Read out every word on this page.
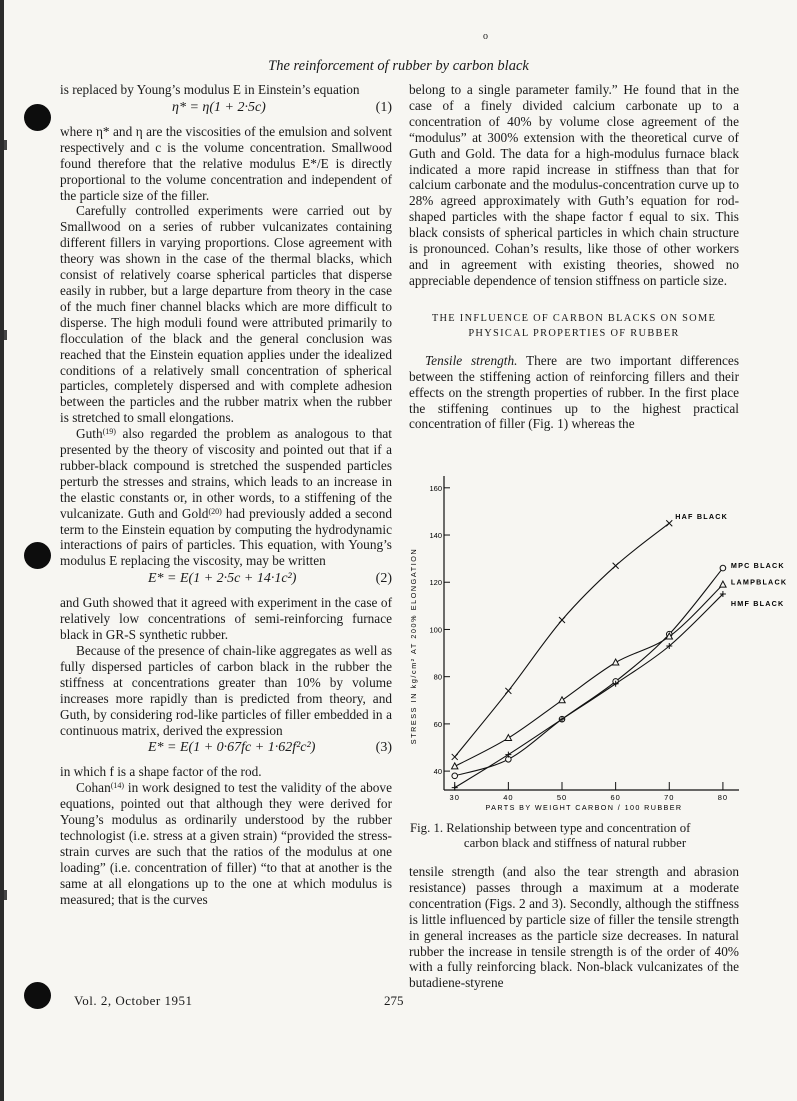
o
The reinforcement of rubber by carbon black

is replaced by Young’s modulus E in Einstein’s equation

η* = η(1 + 2·5c)	(1)

where η* and η are the viscosities of the emulsion and solvent respectively and c is the volume concentration. Smallwood found therefore that the relative modulus E*/E is directly proportional to the volume concentration and independent of the particle size of the filler.

Carefully controlled experiments were carried out by Smallwood on a series of rubber vulcanizates containing different fillers in varying proportions. Close agreement with theory was shown in the case of the thermal blacks, which consist of relatively coarse spherical particles that disperse easily in rubber, but a large departure from theory in the case of the much finer channel blacks which are more difficult to disperse. The high moduli found were attributed primarily to flocculation of the black and the general conclusion was reached that the Einstein equation applies under the idealized conditions of a relatively small concentration of spherical particles, completely dispersed and with complete adhesion between the particles and the rubber matrix when the rubber is stretched to small elongations.

Guth$^{(19)}$ also regarded the problem as analogous to that presented by the theory of viscosity and pointed out that if a rubber-black compound is stretched the suspended particles perturb the stresses and strains, which leads to an increase in the elastic constants or, in other words, to a stiffening of the vulcanizate. Guth and Gold$^{(20)}$ had previously added a second term to the Einstein equation by computing the hydrodynamic interactions of pairs of particles. This equation, with Young’s modulus E replacing the viscosity, may be written

E* = E(1 + 2·5c + 14·1c²)	(2)

and Guth showed that it agreed with experiment in the case of relatively low concentrations of semi-reinforcing furnace black in GR-S synthetic rubber.

Because of the presence of chain-like aggregates as well as fully dispersed particles of carbon black in the rubber the stiffness at concentrations greater than 10% by volume increases more rapidly than is predicted from theory, and Guth, by considering rod-like particles of filler embedded in a continuous matrix, derived the expression

E* = E(1 + 0·67fc + 1·62f²c²)	(3)

in which f is a shape factor of the rod.

Cohan$^{(14)}$ in work designed to test the validity of the above equations, pointed out that although they were derived for Young’s modulus as ordinarily understood by the rubber technologist (i.e. stress at a given strain) “provided the stress-strain curves are such that the ratios of the modulus at one loading” (i.e. concentration of filler) “to that at another is the same at all elongations up to the one at which modulus is measured; that is the curves

belong to a single parameter family.” He found that in the case of a finely divided calcium carbonate up to a concentration of 40% by volume close agreement of the “modulus” at 300% extension with the theoretical curve of Guth and Gold. The data for a high-modulus furnace black indicated a more rapid increase in stiffness than that for calcium carbonate and the modulus-concentration curve up to 28% agreed approximately with Guth’s equation for rod-shaped particles with the shape factor f equal to six. This black consists of spherical particles in which chain structure is pronounced. Cohan’s results, like those of other workers and in agreement with existing theories, showed no appreciable dependence of tension stiffness on particle size.

THE INFLUENCE OF CARBON BLACKS ON SOME
PHYSICAL PROPERTIES OF RUBBER

Tensile strength. There are two important differences between the stiffening action of reinforcing fillers and their effects on the strength properties of rubber. In the first place the stiffening continues up to the highest practical concentration of filler (Fig. 1) whereas the

40
60
80
100
120
140
160
30	40	50	60	70	80
HAF BLACK
MPC BLACK
LAMPBLACK
HMF BLACK
STRESS IN kg/cm² AT 200% ELONGATION
PARTS BY WEIGHT CARBON / 100 RUBBER
Fig. 1. Relationship between type and concentration of
carbon black and stiffness of natural rubber

tensile strength (and also the tear strength and abrasion resistance) passes through a maximum at a moderate concentration (Figs. 2 and 3). Secondly, although the stiffness is little influenced by particle size of filler the tensile strength in general increases as the particle size decreases. In natural rubber the increase in tensile strength is of the order of 40% with a fully reinforcing black. Non-black vulcanizates of the butadiene-styrene

Vol. 2, October 1951	275
